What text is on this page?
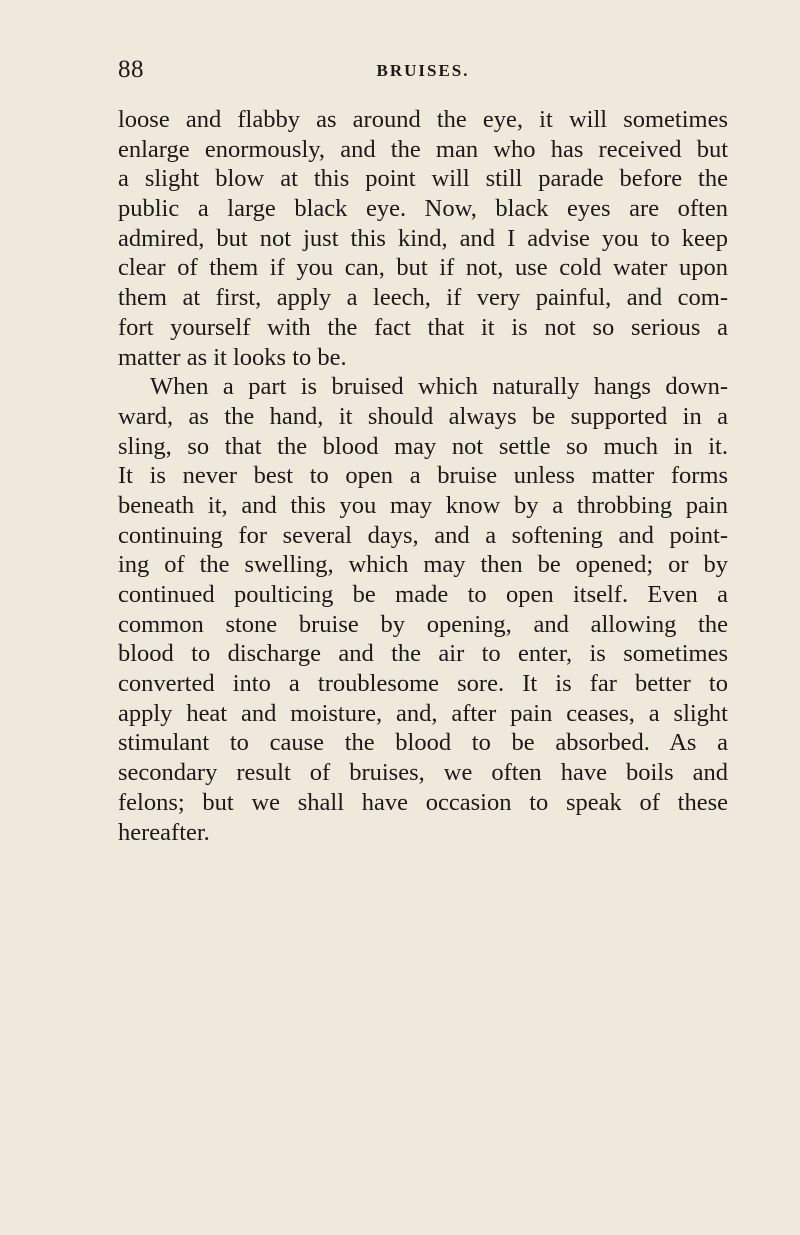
88	BRUISES.
loose and flabby as around the eye, it will sometimes
enlarge enormously, and the man who has received but
a slight blow at this point will still parade before the
public a large black eye. Now, black eyes are often
admired, but not just this kind, and I advise you to keep
clear of them if you can, but if not, use cold water upon
them at first, apply a leech, if very painful, and com-
fort yourself with the fact that it is not so serious a
matter as it looks to be.
When a part is bruised which naturally hangs down-
ward, as the hand, it should always be supported in a
sling, so that the blood may not settle so much in it.
It is never best to open a bruise unless matter forms
beneath it, and this you may know by a throbbing pain
continuing for several days, and a softening and point-
ing of the swelling, which may then be opened; or by
continued poulticing be made to open itself. Even a
common stone bruise by opening, and allowing the
blood to discharge and the air to enter, is sometimes
converted into a troublesome sore. It is far better to
apply heat and moisture, and, after pain ceases, a slight
stimulant to cause the blood to be absorbed. As a
secondary result of bruises, we often have boils and
felons; but we shall have occasion to speak of these
hereafter.
